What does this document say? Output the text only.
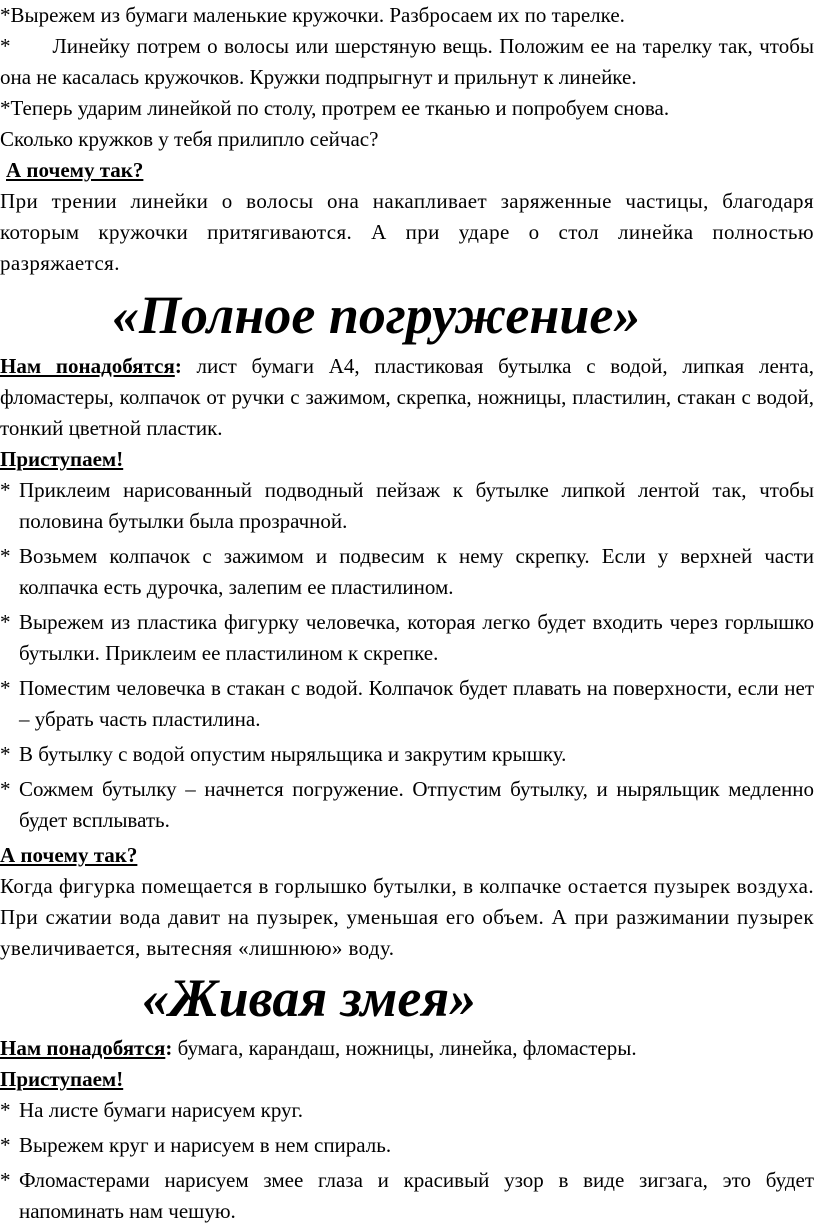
*Вырежем из бумаги маленькие кружочки. Разбросаем их по тарелке.

* Линейку потрем о волосы или шерстяную вещь. Положим ее на тарелку так, чтобы она не касалась кружочков. Кружки подпрыгнут и прильнут к линейке.

*Теперь ударим линейкой по столу, протрем ее тканью и попробуем снова.

Сколько кружков у тебя прилипло сейчас?

А почему так?

При трении линейки о волосы она накапливает заряженные частицы, благодаря которым кружочки притягиваются. А при ударе о стол линейка полностью разряжается.

«Полное погружение»

Нам понадобятся: лист бумаги А4, пластиковая бутылка с водой, липкая лента, фломастеры, колпачок от ручки с зажимом, скрепка, ножницы, пластилин, стакан с водой, тонкий цветной пластик.

Приступаем!

* Приклеим нарисованный подводный пейзаж к бутылке липкой лентой так, чтобы половина бутылки была прозрачной.
* Возьмем колпачок с зажимом и подвесим к нему скрепку. Если у верхней части колпачка есть дурочка, залепим ее пластилином.
* Вырежем из пластика фигурку человечка, которая легко будет входить через горлышко бутылки. Приклеим ее пластилином к скрепке.
* Поместим человечка в стакан с водой. Колпачок будет плавать на поверхности, если нет – убрать часть пластилина.
* В бутылку с водой опустим ныряльщика и закрутим крышку.
* Сожмем бутылку – начнется погружение. Отпустим бутылку, и ныряльщик медленно будет всплывать.

А почему так?

Когда фигурка помещается в горлышко бутылки, в колпачке остается пузырек воздуха. При сжатии вода давит на пузырек, уменьшая его объем. А при разжимании пузырек увеличивается, вытесняя «лишнюю» воду.

«Живая змея»

Нам понадобятся: бумага, карандаш, ножницы, линейка, фломастеры.

Приступаем!

* На листе бумаги нарисуем круг.
* Вырежем круг и нарисуем в нем спираль.
* Фломастерами нарисуем змее глаза и красивый узор в виде зигзага, это будет напоминать нам чешую.
